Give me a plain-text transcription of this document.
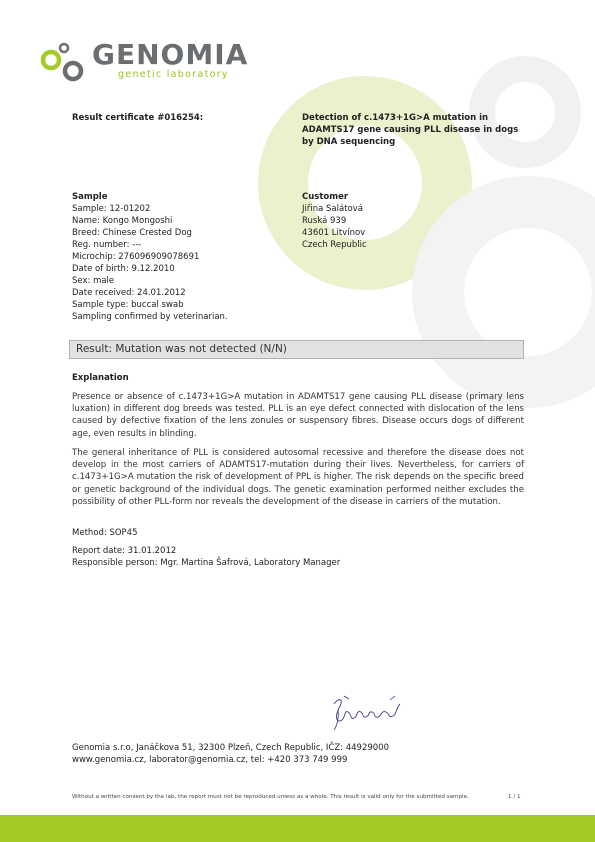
GENOMIA
genetic laboratory
Result certificate #016254:	Detection of c.1473+1G>A mutation in
ADAMTS17 gene causing PLL disease in dogs
by DNA sequencing
Sample
Sample: 12-01202
Name: Kongo Mongoshi
Breed: Chinese Crested Dog
Reg. number: ---
Microchip: 276096909078691
Date of birth: 9.12.2010
Sex: male
Date received: 24.01.2012
Sample type: buccal swab
Sampling confirmed by veterinarian.
Customer
Jiřina Salátová
Ruská 939
43601 Litvínov
Czech Republic
Result: Mutation was not detected (N/N)
Explanation
Presence or absence of c.1473+1G>A mutation in ADAMTS17 gene causing PLL disease (primary lens luxation) in different dog breeds was tested. PLL is an eye defect connected with dislocation of the lens caused by defective fixation of the lens zonules or suspensory fibres. Disease occurs dogs of different age, even results in blinding.
The general inheritance of PLL is considered autosomal recessive and therefore the disease does not develop in the most carriers of ADAMTS17-mutation during their lives. Nevertheless, for carriers of c.1473+1G>A mutation the risk of development of PPL is higher. The risk depends on the specific breed or genetic background of the individual dogs. The genetic examination performed neither excludes the possibility of other PLL-form nor reveals the development of the disease in carriers of the mutation.
Method: SOP45
Report date: 31.01.2012
Responsible person: Mgr. Martina Šafrová, Laboratory Manager
Genomia s.r.o, Janáčkova 51, 32300 Plzeň, Czech Republic, IČZ: 44929000
www.genomia.cz, laborator@genomia.cz, tel: +420 373 749 999
Without a written consent by the lab, the report must not be reproduced unless as a whole. This result is valid only for the submitted sample.	1 / 1
